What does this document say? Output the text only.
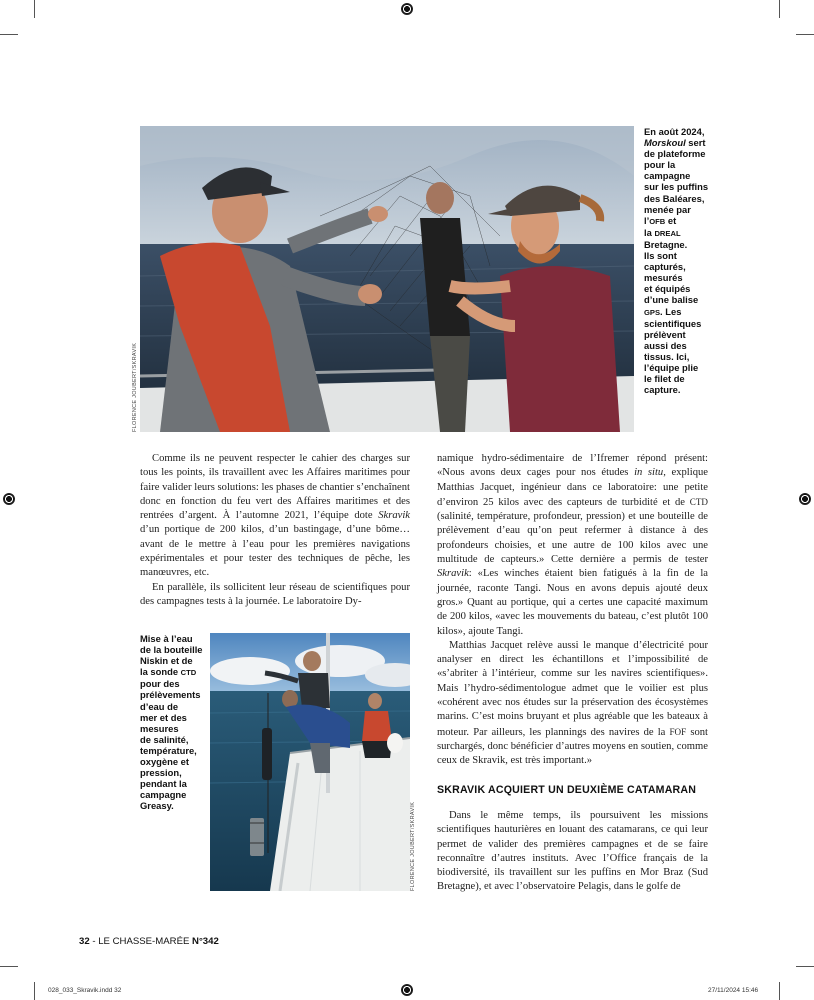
FLORENCE JOUBERT/SKRAVIK
En août 2024,
Morskoul sert
de plateforme
pour la
campagne
sur les puffins
des Baléares,
menée par
l’OFB et
la DREAL
Bretagne.
Ils sont
capturés,
mesurés
et équipés
d’une balise
GPS. Les
scientifiques
prélèvent
aussi des
tissus. Ici,
l’équipe plie
le filet de
capture.

Comme ils ne peuvent respecter le cahier des charges sur tous les points, ils travaillent avec les Affaires maritimes pour faire valider leurs solutions: les phases de chantier s’enchaînent donc en fonction du feu vert des Affaires maritimes et des rentrées d’argent. À l’automne 2021, l’équipe dote Skravik d’un portique de 200 kilos, d’un bastingage, d’une bôme… avant de le mettre à l’eau pour les premières navigations expérimentales et pour tester des techniques de pêche, les manœuvres, etc.

En parallèle, ils sollicitent leur réseau de scientifiques pour des campagnes tests à la journée. Le laboratoire Dy-

FLORENCE JOUBERT/SKRAVIK
Mise à l’eau
de la bouteille
Niskin et de
la sonde CTD
pour des
prélèvements
d’eau de
mer et des
mesures
de salinité,
température,
oxygène et
pression,
pendant la
campagne
Greasy.

namique hydro-sédimentaire de l’Ifremer répond présent: «Nous avons deux cages pour nos études in situ, explique Matthias Jacquet, ingénieur dans ce laboratoire: une petite d’environ 25 kilos avec des capteurs de turbidité et de CTD (salinité, température, profondeur, pression) et une bouteille de prélèvement d’eau qu’on peut refermer à distance à des profondeurs choisies, et une autre de 100 kilos avec une multitude de capteurs.» Cette dernière a permis de tester Skravik: «Les winches étaient bien fatigués à la fin de la journée, raconte Tangi. Nous en avons depuis ajouté deux gros.» Quant au portique, qui a certes une capacité maximum de 200 kilos, «avec les mouvements du bateau, c’est plutôt 100 kilos», ajoute Tangi.

Matthias Jacquet relève aussi le manque d’électricité pour analyser en direct les échantillons et l’impossibilité de «s’abriter à l’intérieur, comme sur les navires scientifiques». Mais l’hydro-sédimentologue admet que le voilier est plus «cohérent avec nos études sur la préservation des écosystèmes marins. C’est moins bruyant et plus agréable que les bateaux à moteur. Par ailleurs, les plannings des navires de la FOF sont surchargés, donc bénéficier d’autres moyens en soutien, comme ceux de Skravik, est très important.»

SKRAVIK ACQUIERT UN DEUXIÈME CATAMARAN

Dans le même temps, ils poursuivent les missions scientifiques hauturières en louant des catamarans, ce qui leur permet de valider des premières campagnes et de se faire reconnaître d’autres instituts. Avec l’Office français de la biodiversité, ils travaillent sur les puffins en Mor Braz (Sud Bretagne), et avec l’observatoire Pelagis, dans le golfe de

32 - LE CHASSE-MARÉE N°342
028_033_Skravik.indd 32	27/11/2024 15:46
